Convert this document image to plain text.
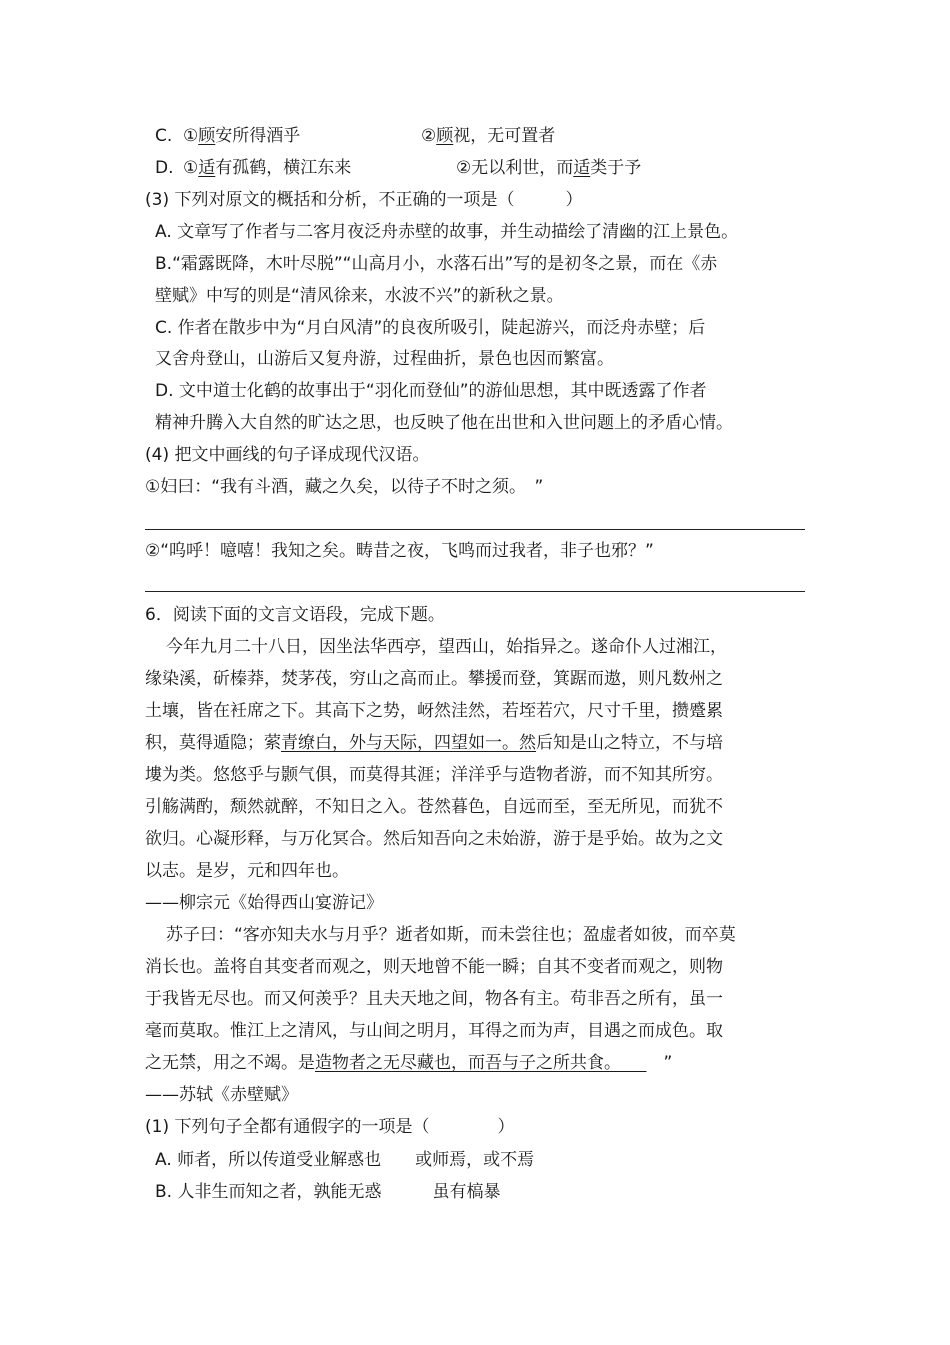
C. ①顾安所得酒乎	②顾视，无可置者
D. ①适有孤鹤，横江东来	②无以利世，而适类于予
(3) 下列对原文的概括和分析，不正确的一项是（　　　）
A. 文章写了作者与二客月夜泛舟赤壁的故事，并生动描绘了清幽的江上景色。
B.“霜露既降，木叶尽脱”“山高月小，水落石出”写的是初冬之景，而在《赤
壁赋》中写的则是“清风徐来，水波不兴”的新秋之景。
C. 作者在散步中为“月白风清”的良夜所吸引，陡起游兴，而泛舟赤壁；后
又舍舟登山，山游后又复舟游，过程曲折，景色也因而繁富。
D. 文中道士化鹤的故事出于“羽化而登仙”的游仙思想，其中既透露了作者
精神升腾入大自然的旷达之思，也反映了他在出世和入世问题上的矛盾心情。
(4) 把文中画线的句子译成现代汉语。
①妇曰：“我有斗酒，藏之久矣，以待子不时之须。　”
②“呜呼！噫嘻！我知之矣。畴昔之夜，飞鸣而过我者，非子也邪？”
6．阅读下面的文言文语段，完成下题。
今年九月二十八日，因坐法华西亭，望西山，始指异之。遂命仆人过湘江，
缘染溪，斫榛莽，焚茅茷，穷山之高而止。攀援而登，箕踞而遨，则凡数州之
土壤，皆在衽席之下。其高下之势，岈然洼然，若垤若穴，尺寸千里，攒蹙累
积，莫得遁隐；萦青缭白，外与天际，四望如一。然后知是山之特立，不与培
塿为类。悠悠乎与颢气俱，而莫得其涯；洋洋乎与造物者游，而不知其所穷。
引觞满酌，颓然就醉，不知日之入。苍然暮色，自远而至，至无所见，而犹不
欲归。心凝形释，与万化冥合。然后知吾向之未始游，游于是乎始。故为之文
以志。是岁，元和四年也。
——柳宗元《始得西山宴游记》
苏子曰：“客亦知夫水与月乎？逝者如斯，而未尝往也；盈虚者如彼，而卒莫
消长也。盖将自其变者而观之，则天地曾不能一瞬；自其不变者而观之，则物
于我皆无尽也。而又何羡乎？且夫天地之间，物各有主。苟非吾之所有，虽一
毫而莫取。惟江上之清风，与山间之明月，耳得之而为声，目遇之而成色。取
之无禁，用之不竭。是造物者之无尽藏也，而吾与子之所共食。　　　”
——苏轼《赤壁赋》
(1) 下列句子全都有通假字的一项是（　　　　）
A. 师者，所以传道受业解惑也　　或师焉，或不焉
B. 人非生而知之者，孰能无惑　　　虽有槁暴
